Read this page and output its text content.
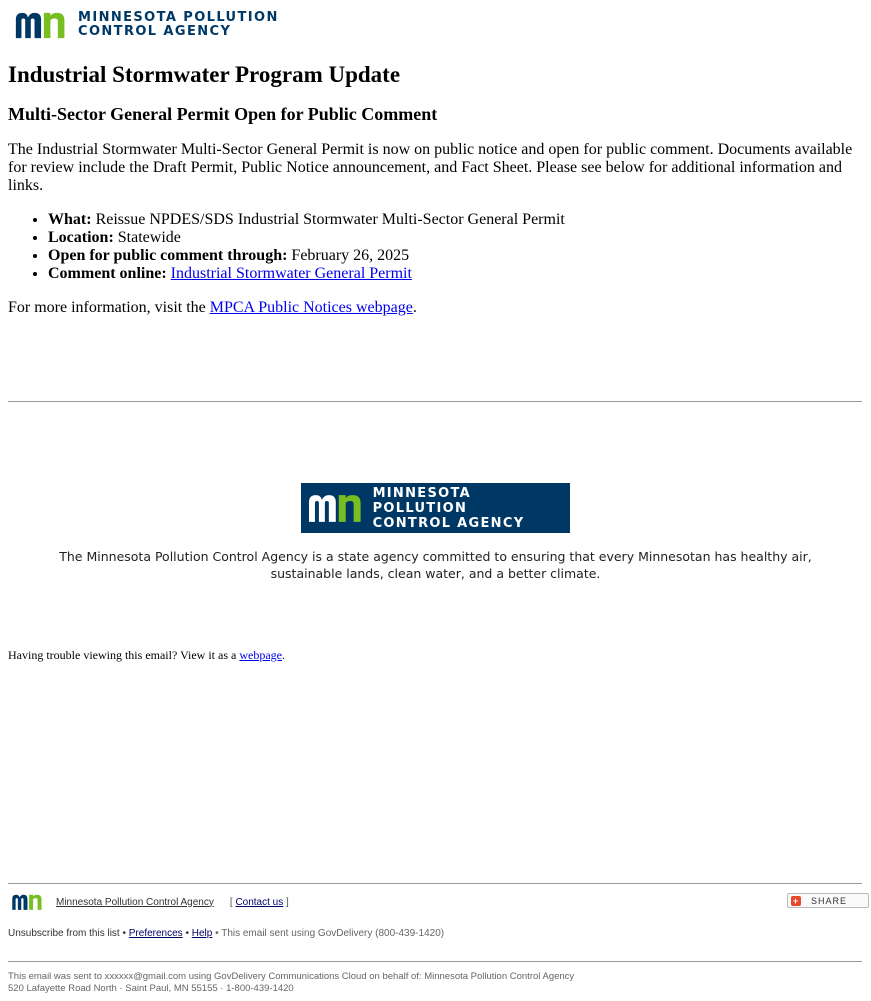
MINNESOTA POLLUTION
CONTROL AGENCY
Industrial Stormwater Program Update
Multi-Sector General Permit Open for Public Comment

The Industrial Stormwater Multi-Sector General Permit is now on public notice and open for public comment. Documents available for review include the Draft Permit, Public Notice announcement, and Fact Sheet. Please see below for additional information and links.

• What: Reissue NPDES/SDS Industrial Stormwater Multi-Sector General Permit
• Location: Statewide
• Open for public comment through: February 26, 2025
• Comment online: Industrial Stormwater General Permit

For more information, visit the MPCA Public Notices webpage.

MINNESOTA POLLUTION
CONTROL AGENCY
The Minnesota Pollution Control Agency is a state agency committed to ensuring that every Minnesotan has healthy air, sustainable lands, clean water, and a better climate.
Having trouble viewing this email? View it as a webpage.
Minnesota Pollution Control Agency [ Contact us ]	+ SHARE
Unsubscribe from this list • Preferences • Help • This email sent using GovDelivery (800-439-1420)
This email was sent to xxxxxx@gmail.com using GovDelivery Communications Cloud on behalf of: Minnesota Pollution Control Agency
520 Lafayette Road North · Saint Paul, MN 55155 · 1-800-439-1420
